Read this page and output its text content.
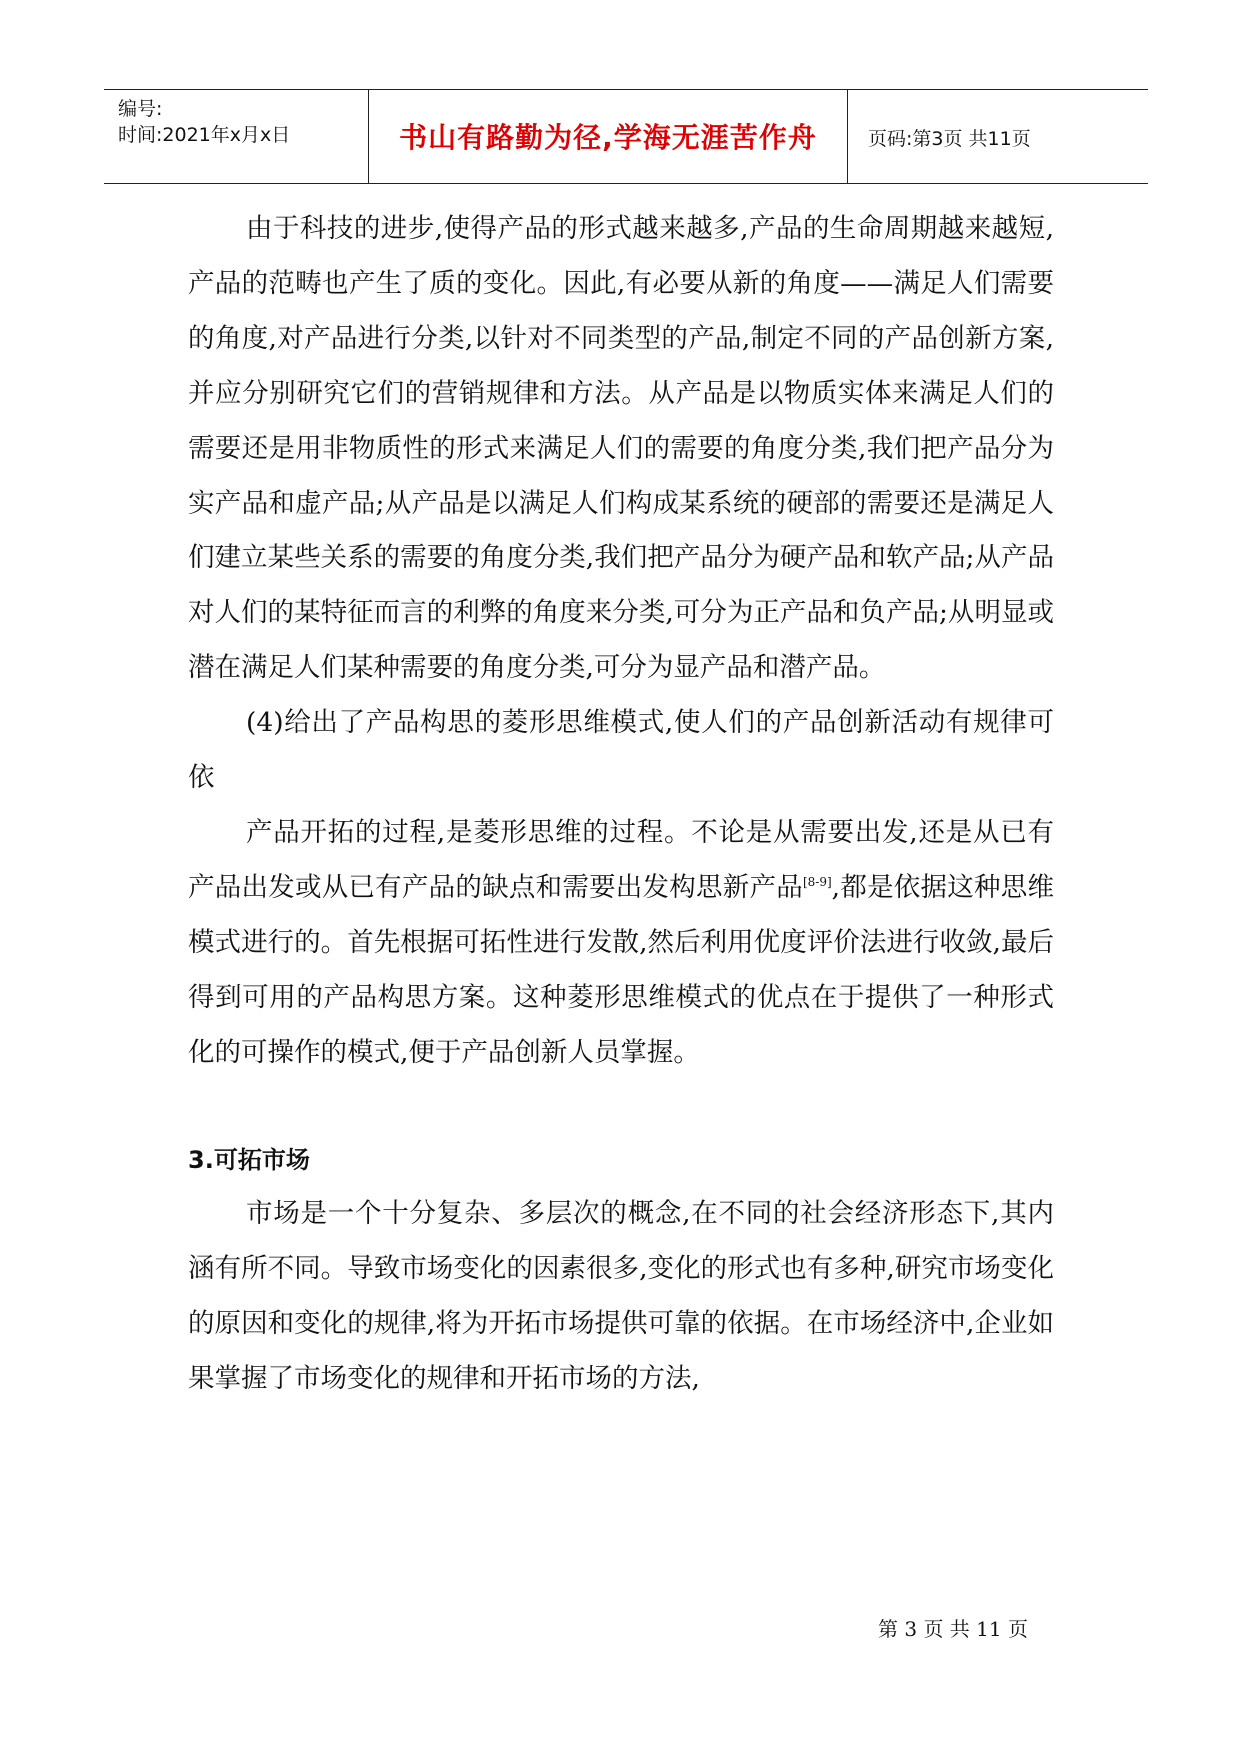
编号:
时间:2021年x月x日	书山有路勤为径,学海无涯苦作舟	页码:第3页 共11页

由于科技的进步,使得产品的形式越来越多,产品的生命周期越来越短,产品的范畴也产生了质的变化。因此,有必要从新的角度——满足人们需要的角度,对产品进行分类,以针对不同类型的产品,制定不同的产品创新方案,并应分别研究它们的营销规律和方法。从产品是以物质实体来满足人们的需要还是用非物质性的形式来满足人们的需要的角度分类,我们把产品分为实产品和虚产品;从产品是以满足人们构成某系统的硬部的需要还是满足人们建立某些关系的需要的角度分类,我们把产品分为硬产品和软产品;从产品对人们的某特征而言的利弊的角度来分类,可分为正产品和负产品;从明显或潜在满足人们某种需要的角度分类,可分为显产品和潜产品。

(4)给出了产品构思的菱形思维模式,使人们的产品创新活动有规律可依

产品开拓的过程,是菱形思维的过程。不论是从需要出发,还是从已有产品出发或从已有产品的缺点和需要出发构思新产品[8-9],都是依据这种思维模式进行的。首先根据可拓性进行发散,然后利用优度评价法进行收敛,最后得到可用的产品构思方案。这种菱形思维模式的优点在于提供了一种形式化的可操作的模式,便于产品创新人员掌握。

3.可拓市场

市场是一个十分复杂、多层次的概念,在不同的社会经济形态下,其内涵有所不同。导致市场变化的因素很多,变化的形式也有多种,研究市场变化的原因和变化的规律,将为开拓市场提供可靠的依据。在市场经济中,企业如果掌握了市场变化的规律和开拓市场的方法,

第 3 页 共 11 页
